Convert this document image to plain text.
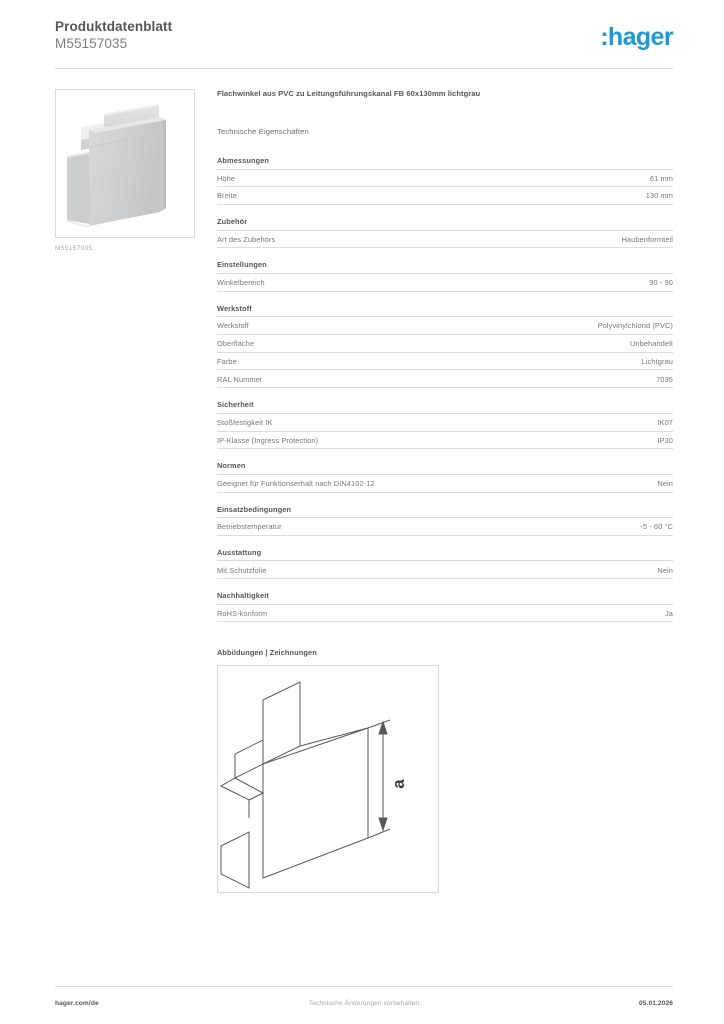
Produktdatenblatt
M55157035	:hager
M55157035
Flachwinkel aus PVC zu Leitungsführungskanal FB 60x130mm lichtgrau
Technische Eigenschaften
Abmessungen
Höhe	61 mm
Breite	130 mm
Zubehör
Art des Zubehörs	Haubenformteil
Einstellungen
Winkelbereich	90 - 90
Werkstoff
Werkstoff	Polyvinylchlorid (PVC)
Oberfläche	Unbehandelt
Farbe	Lichtgrau
RAL Nummer	7035
Sicherheit
Stoßfestigkeit IK	IK07
IP-Klasse (Ingress Protection)	IP30
Normen
Geeignet für Funktionserhalt nach DIN4102-12	Nein
Einsatzbedingungen
Betriebstemperatur	-5 - 60 °C
Ausstattung
Mit Schutzfolie	Nein
Nachhaltigkeit
RoHS-konform	Ja
Abbildungen | Zeichnungen
a
hager.com/de	Technische Änderungen vorbehalten	05.01.2026
